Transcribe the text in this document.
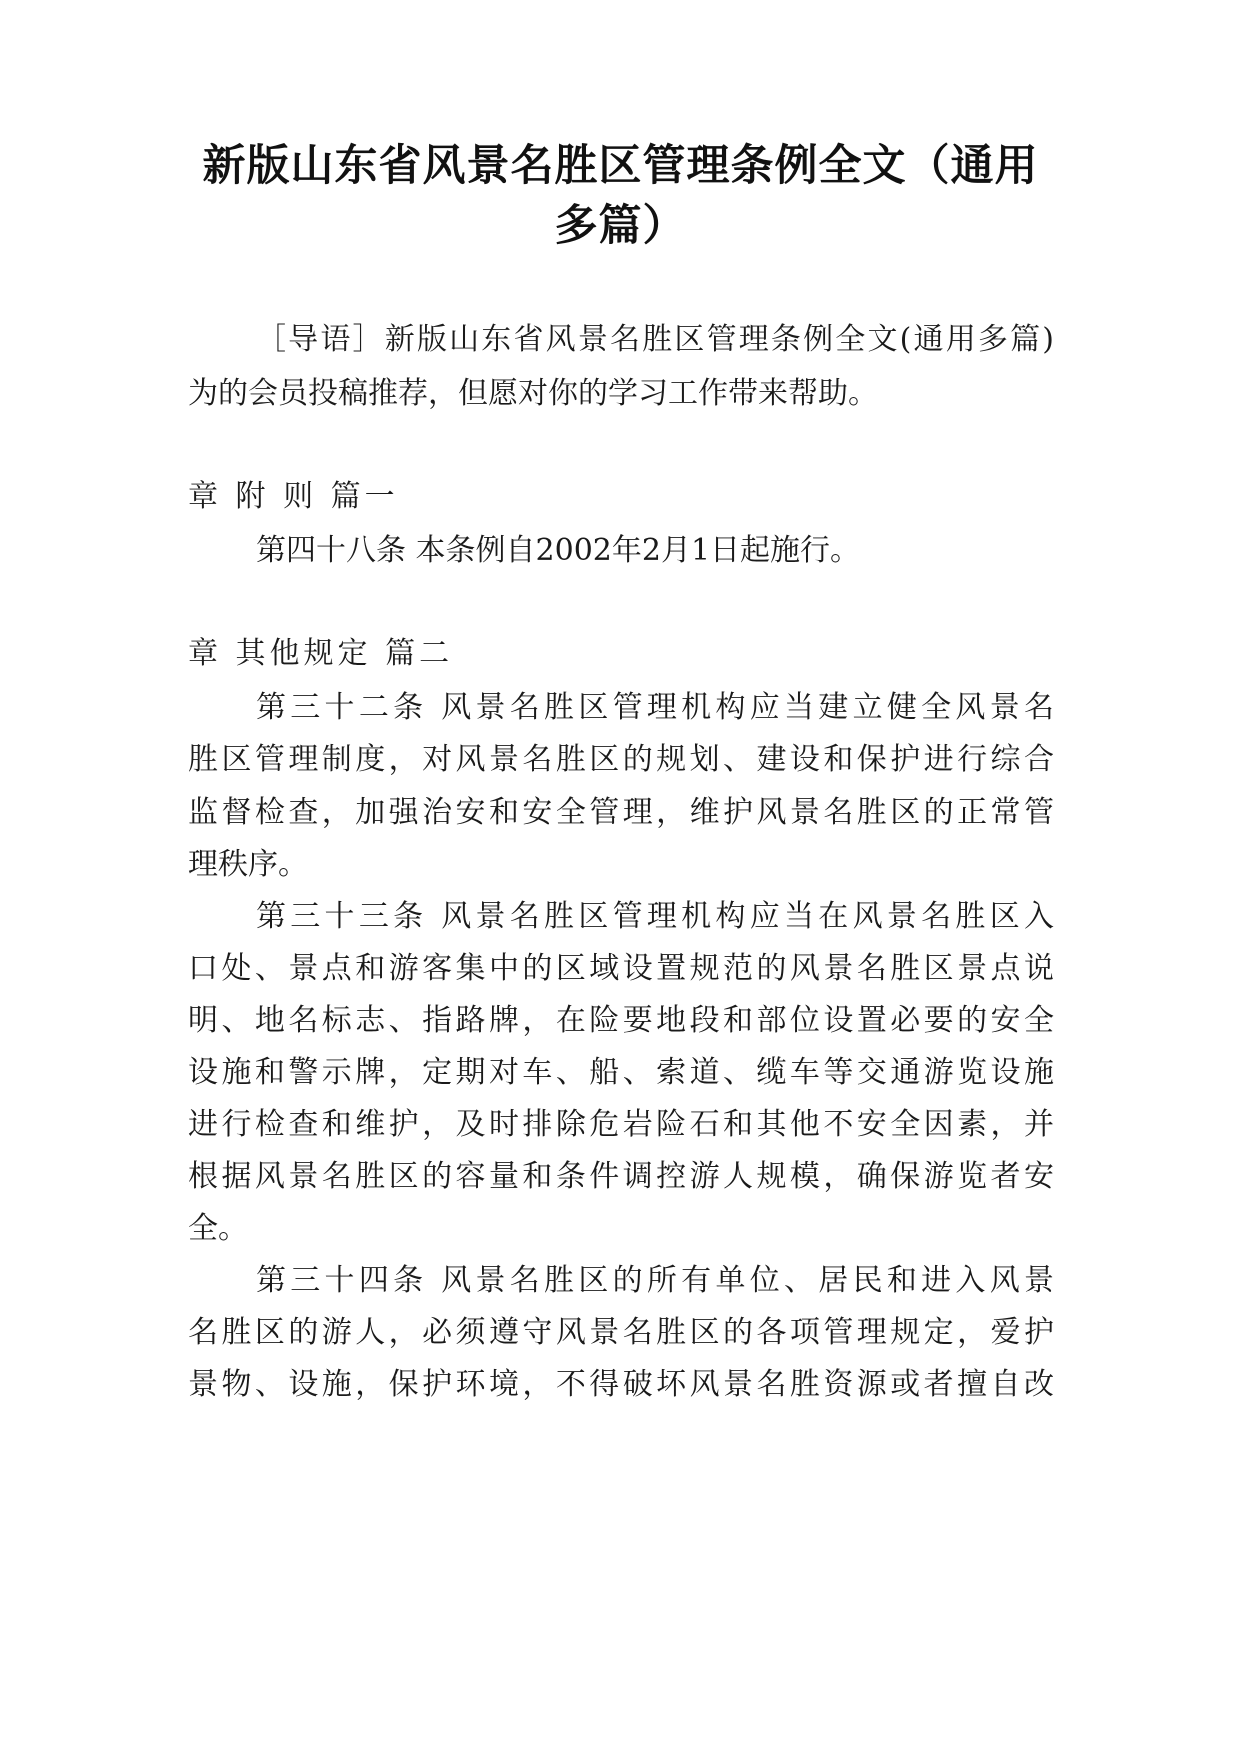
新版山东省风景名胜区管理条例全文（通用
多篇）
［导语］新版山东省风景名胜区管理条例全文(通用多篇)
为的会员投稿推荐，但愿对你的学习工作带来帮助。
章 附 则 篇一
第四十八条 本条例自2002年2月1日起施行。
章 其他规定 篇二
第三十二条 风景名胜区管理机构应当建立健全风景名
胜区管理制度，对风景名胜区的规划、建设和保护进行综合
监督检查，加强治安和安全管理，维护风景名胜区的正常管
理秩序。
第三十三条 风景名胜区管理机构应当在风景名胜区入
口处、景点和游客集中的区域设置规范的风景名胜区景点说
明、地名标志、指路牌，在险要地段和部位设置必要的安全
设施和警示牌，定期对车、船、索道、缆车等交通游览设施
进行检查和维护，及时排除危岩险石和其他不安全因素，并
根据风景名胜区的容量和条件调控游人规模，确保游览者安
全。
第三十四条 风景名胜区的所有单位、居民和进入风景
名胜区的游人，必须遵守风景名胜区的各项管理规定，爱护
景物、设施，保护环境，不得破坏风景名胜资源或者擅自改
